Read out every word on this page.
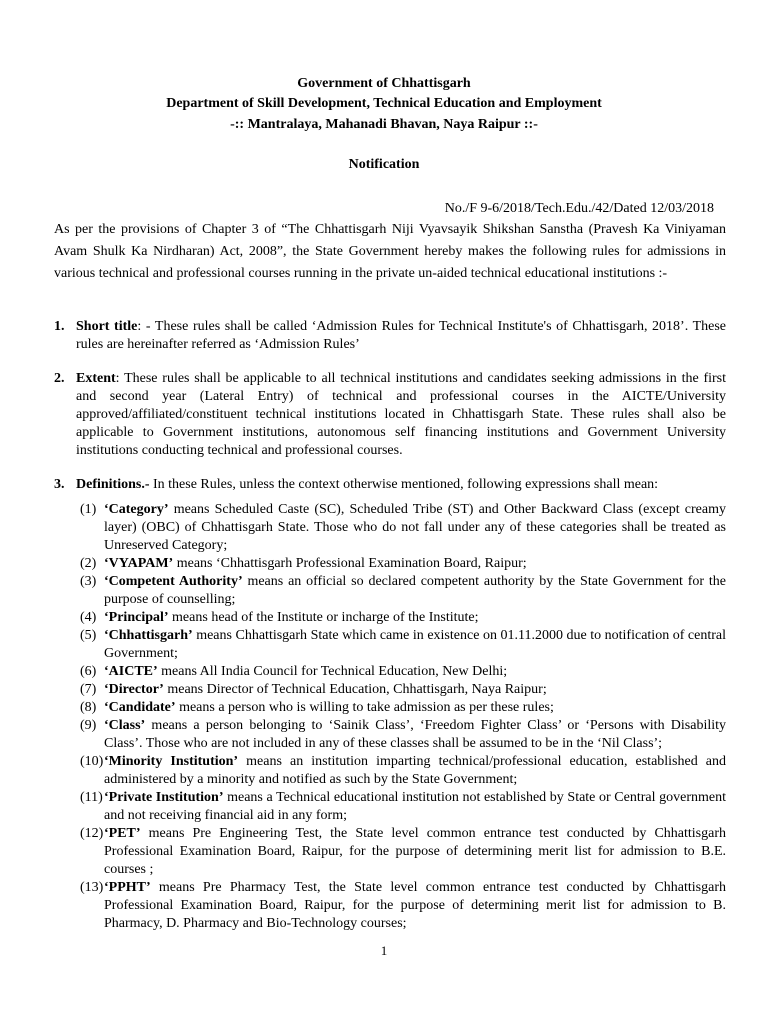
Government of Chhattisgarh
Department of Skill Development, Technical Education and Employment
-:: Mantralaya, Mahanadi Bhavan, Naya Raipur ::-
Notification
No./F 9-6/2018/Tech.Edu./42/Dated 12/03/2018
As per the provisions of Chapter 3 of “The Chhattisgarh Niji Vyavsayik Shikshan Sanstha (Pravesh Ka Viniyaman Avam Shulk Ka Nirdharan) Act, 2008”, the State Government hereby makes the following rules for admissions in various technical and professional courses running in the private un-aided technical educational institutions :-
1. Short title: - These rules shall be called ‘Admission Rules for Technical Institute's of Chhattisgarh, 2018’. These rules are hereinafter referred as ‘Admission Rules’
2. Extent: These rules shall be applicable to all technical institutions and candidates seeking admissions in the first and second year (Lateral Entry) of technical and professional courses in the AICTE/University approved/affiliated/constituent technical institutions located in Chhattisgarh State. These rules shall also be applicable to Government institutions, autonomous self financing institutions and Government University institutions conducting technical and professional courses.
3. Definitions.- In these Rules, unless the context otherwise mentioned, following expressions shall mean:

(1) ‘Category’ means Scheduled Caste (SC), Scheduled Tribe (ST) and Other Backward Class (except creamy layer) (OBC) of Chhattisgarh State. Those who do not fall under any of these categories shall be treated as Unreserved Category;

(2) ‘VYAPAM’ means ‘Chhattisgarh Professional Examination Board, Raipur;

(3) ‘Competent Authority’ means an official so declared competent authority by the State Government for the purpose of counselling;

(4) ‘Principal’ means head of the Institute or incharge of the Institute;

(5) ‘Chhattisgarh’ means Chhattisgarh State which came in existence on 01.11.2000 due to notification of central Government;

(6) ‘AICTE’ means All India Council for Technical Education, New Delhi;

(7) ‘Director’ means Director of Technical Education, Chhattisgarh, Naya Raipur;

(8) ‘Candidate’ means a person who is willing to take admission as per these rules;

(9) ‘Class’ means a person belonging to ‘Sainik Class’, ‘Freedom Fighter Class’ or ‘Persons with Disability Class’. Those who are not included in any of these classes shall be assumed to be in the ‘Nil Class’;

(10) ‘Minority Institution’ means an institution imparting technical/professional education, established and administered by a minority and notified as such by the State Government;

(11) ‘Private Institution’ means a Technical educational institution not established by State or Central government and not receiving financial aid in any form;

(12) ‘PET’ means Pre Engineering Test, the State level common entrance test conducted by Chhattisgarh Professional Examination Board, Raipur, for the purpose of determining merit list for admission to B.E. courses ;

(13) ‘PPHT’ means Pre Pharmacy Test, the State level common entrance test conducted by Chhattisgarh Professional Examination Board, Raipur, for the purpose of determining merit list for admission to B. Pharmacy, D. Pharmacy and Bio-Technology courses;

1
